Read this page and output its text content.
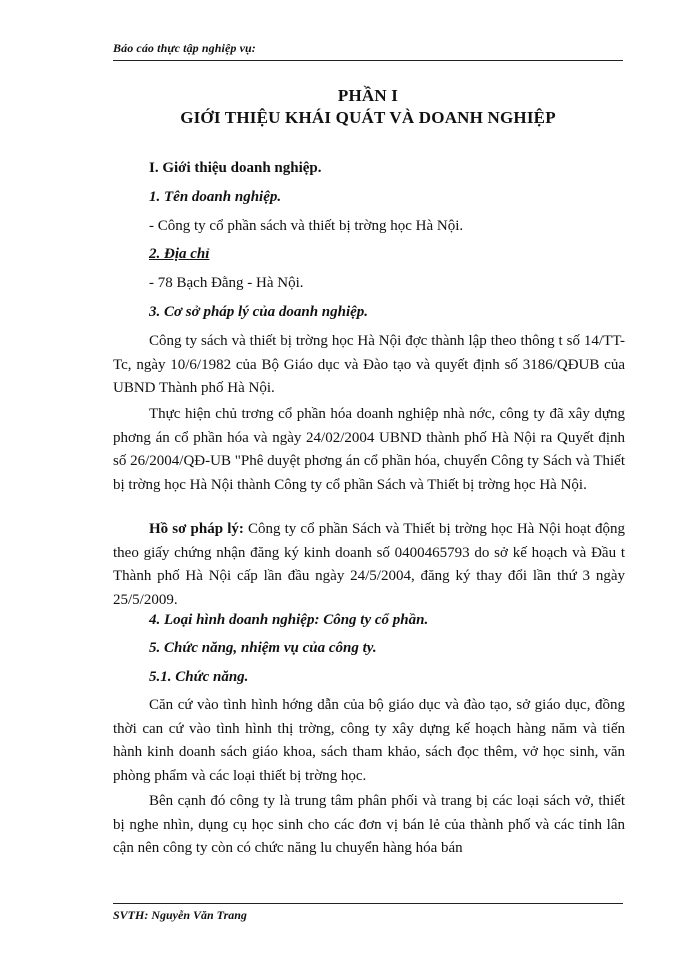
Báo cáo thực tập nghiệp vụ:
PHẦN I
GIỚI THIỆU KHÁI QUÁT VÀ DOANH NGHIỆP
I. Giới thiệu doanh nghiệp.
1. Tên doanh nghiệp.
- Công ty cổ phần sách và thiết bị trờng học Hà Nội.
2. Địa chỉ
- 78 Bạch Đằng - Hà Nội.
3. Cơ sở pháp lý của doanh nghiệp.
Công ty sách và thiết bị trờng học Hà Nội đợc thành lập theo thông t số 14/TT-Tc, ngày 10/6/1982 của Bộ Giáo dục và Đào tạo và quyết định số 3186/QĐUB của UBND Thành phố Hà Nội.
Thực hiện chủ trơng cổ phần hóa doanh nghiệp nhà nớc, công ty đã xây dựng phơng án cổ phần hóa và ngày 24/02/2004 UBND thành phố Hà Nội ra Quyết định số 26/2004/QĐ-UB "Phê duyệt phơng án cổ phần hóa, chuyển Công ty Sách và Thiết bị trờng học Hà Nội thành Công ty cổ phần Sách và Thiết bị trờng học Hà Nội.
Hồ sơ pháp lý: Công ty cổ phần Sách và Thiết bị trờng học Hà Nội hoạt động theo giấy chứng nhận đăng ký kinh doanh số 0400465793 do sở kế hoạch và Đầu t Thành phố Hà Nội cấp lần đầu ngày 24/5/2004, đăng ký thay đổi lần thứ 3 ngày 25/5/2009.
4. Loại hình doanh nghiệp: Công ty cổ phần.
5. Chức năng, nhiệm vụ của công ty.
5.1. Chức năng.
Căn cứ vào tình hình hớng dẫn của bộ giáo dục và đào tạo, sở giáo dục, đồng thời can cứ vào tình hình thị trờng, công ty xây dựng kế hoạch hàng năm và tiến hành kinh doanh sách giáo khoa, sách tham khảo, sách đọc thêm, vở học sinh, văn phòng phẩm và các loại thiết bị trờng học.
Bên cạnh đó công ty là trung tâm phân phối và trang bị các loại sách vở, thiết bị nghe nhìn, dụng cụ học sinh cho các đơn vị bán lẻ của thành phố và các tỉnh lân cận nên công ty còn có chức năng lu chuyển hàng hóa bán
SVTH: Nguyễn Văn Trang
